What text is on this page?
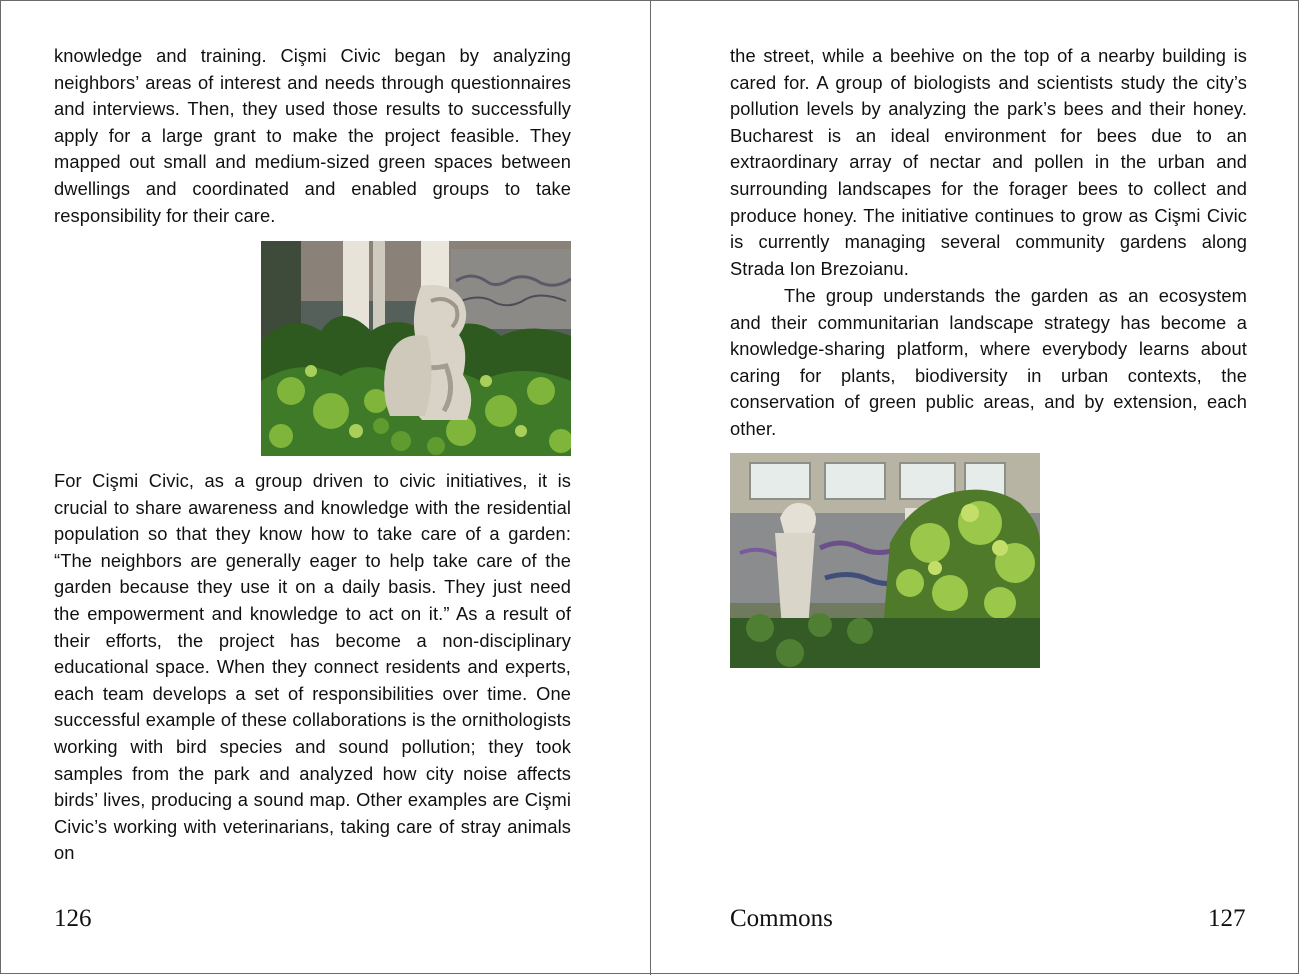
knowledge and training. Cişmi Civic began by analyzing neighbors’ areas of interest and needs through questionnaires and interviews. Then, they used those results to successfully apply for a large grant to make the project feasible. They mapped out small and medium-sized green spaces between dwellings and coordinated and enabled groups to take responsibility for their care.

For Cişmi Civic, as a group driven to civic initiatives, it is crucial to share awareness and knowledge with the residential population so that they know how to take care of a garden: “The neighbors are generally eager to help take care of the garden because they use it on a daily basis. They just need the empowerment and knowledge to act on it.” As a result of their efforts, the project has become a non-disciplinary educational space. When they connect residents and experts, each team develops a set of responsibilities over time. One successful example of these collaborations is the ornithologists working with bird species and sound pollution; they took samples from the park and analyzed how city noise affects birds’ lives, producing a sound map. Other examples are Cişmi Civic’s working with veterinarians, taking care of stray animals on

126

the street, while a beehive on the top of a nearby building is cared for. A group of biologists and scientists study the city’s pollution levels by analyzing the park’s bees and their honey. Bucharest is an ideal environment for bees due to an extraordinary array of nectar and pollen in the urban and surrounding landscapes for the forager bees to collect and produce honey. The initiative continues to grow as Cişmi Civic is currently managing several community gardens along Strada Ion Brezoianu.

The group understands the garden as an ecosystem and their communitarian landscape strategy has become a knowledge-sharing platform, where everybody learns about caring for plants, biodiversity in urban contexts, the conservation of green public areas, and by extension, each other.

Commons	127
